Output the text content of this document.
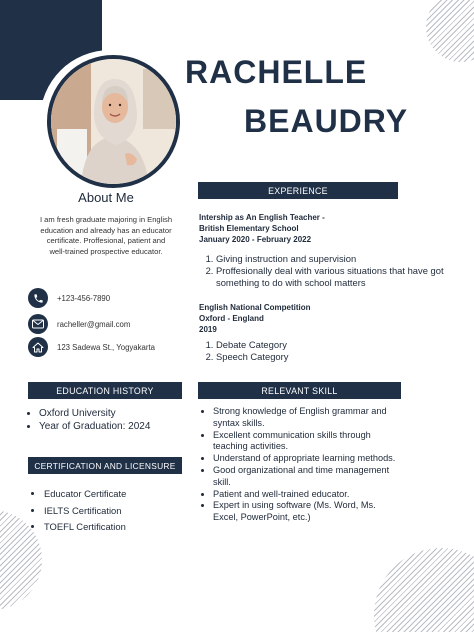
RACHELLE
BEAUDRY
About Me
I am fresh graduate majoring in English education and already has an educator certificate. Proffesional, patient and well-trained prospective educator.
+123-456-7890
racheller@gmail.com
123 Sadewa St., Yogyakarta
EXPERIENCE
Intership as An English Teacher -
British Elementary School
January 2020 - February 2022
1. Giving instruction and supervision
2. Proffesionally deal with various situations that have got something to do with school matters
English National Competition
Oxford - England
2019
1. Debate Category
2. Speech Category
EDUCATION HISTORY
• Oxford University
• Year of Graduation: 2024
CERTIFICATION AND LICENSURE
• Educator Certificate
• IELTS Certification
• TOEFL Certification
RELEVANT SKILL
• Strong knowledge of English grammar and syntax skills.
• Excellent communication skills through teaching activities.
• Understand of appropriate learning methods.
• Good organizational and time management skill.
• Patient and well-trained educator.
• Expert in using software (Ms. Word, Ms. Excel, PowerPoint, etc.)
